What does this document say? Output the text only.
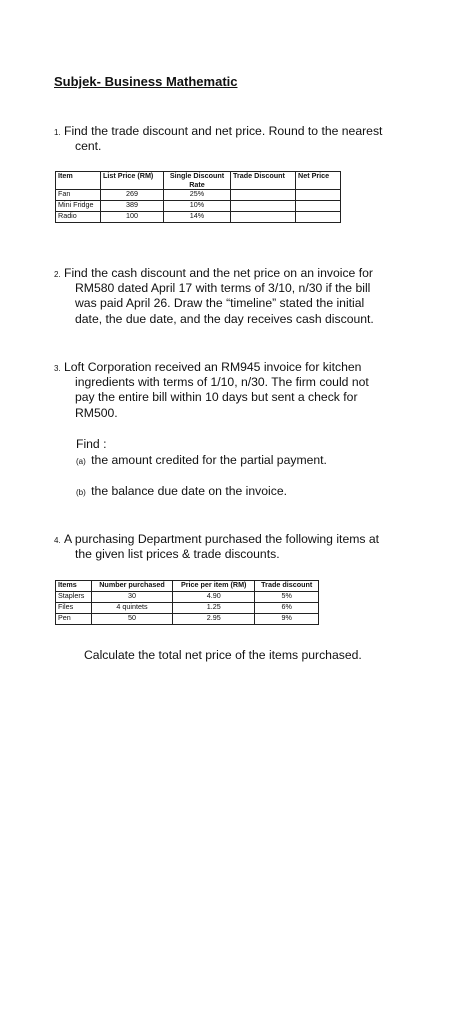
Subjek- Business Mathematic
1. Find the trade discount and net price. Round to the nearest
cent.
Item	List Price (RM)	Single Discount Rate	Trade Discount	Net Price
Fan	269	25%		
Mini Fridge	389	10%		
Radio	100	14%		
2. Find the cash discount and the net price on an invoice for
RM580 dated April 17 with terms of 3/10, n/30 if the bill
was paid April 26. Draw the “timeline” stated the initial
date, the due date, and the day receives cash discount.
3. Loft Corporation received an RM945 invoice for kitchen
ingredients with terms of 1/10, n/30. The firm could not
pay the entire bill within 10 days but sent a check for
RM500.
Find :
(a) the amount credited for the partial payment.
(b) the balance due date on the invoice.
4. A purchasing Department purchased the following items at
the given list prices & trade discounts.
Items	Number purchased	Price per item (RM)	Trade discount
Staplers	30	4.90	5%
Files	4 quintets	1.25	6%
Pen	50	2.95	9%
Calculate the total net price of the items purchased.
